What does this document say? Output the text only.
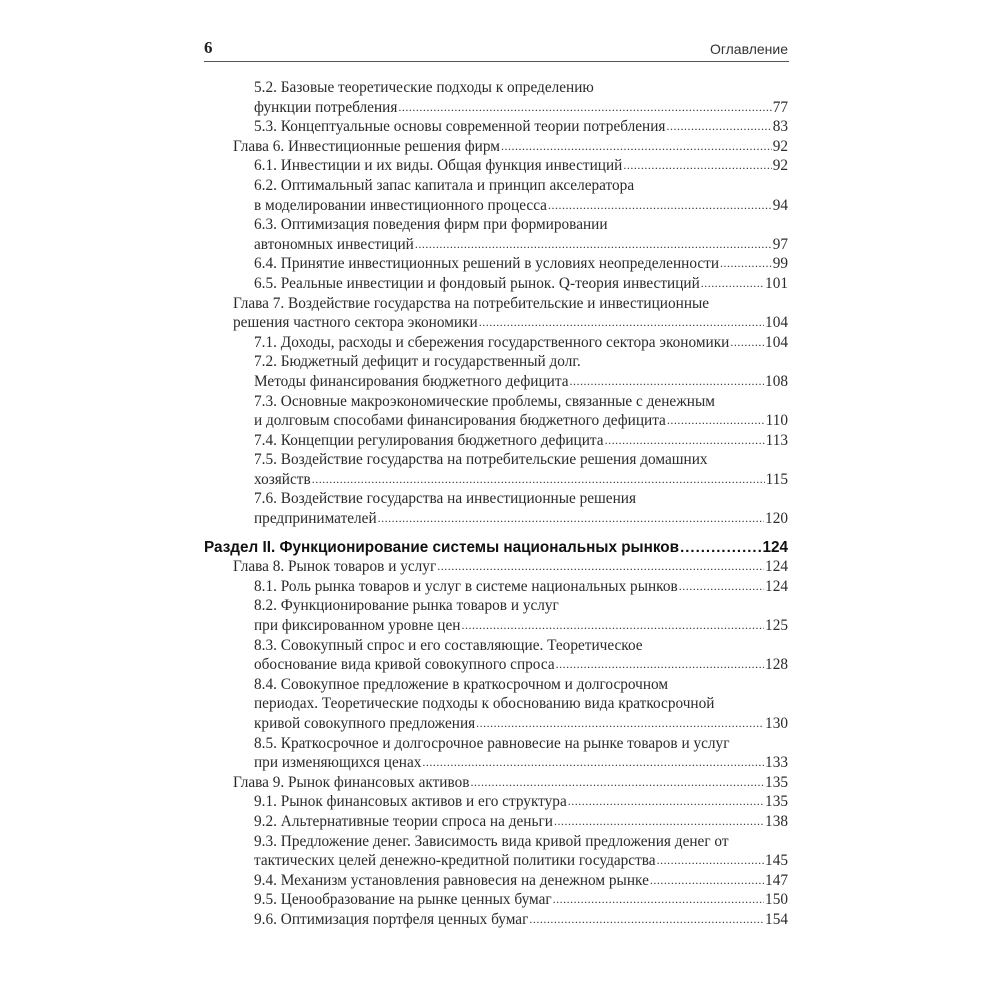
6	Оглавление
5.2. Базовые теоретические подходы к определению
функции потребления .....	77
5.3. Концептуальные основы современной теории потребления .....	83
Глава 6. Инвестиционные решения фирм .....	92
6.1. Инвестиции и их виды. Общая функция инвестиций .....	92
6.2. Оптимальный запас капитала и принцип акселератора
в моделировании инвестиционного процесса .....	94
6.3. Оптимизация поведения фирм при формировании
автономных инвестиций .....	97
6.4. Принятие инвестиционных решений в условиях неопределенности .....	99
6.5. Реальные инвестиции и фондовый рынок. Q-теория инвестиций .....	101
Глава 7. Воздействие государства на потребительские и инвестиционные
решения частного сектора экономики .....	104
7.1. Доходы, расходы и сбережения государственного сектора экономики ..... 104
7.2. Бюджетный дефицит и государственный долг.
Методы финансирования бюджетного дефицита .....	108
7.3. Основные макроэкономические проблемы, связанные с денежным
и долговым способами финансирования бюджетного дефицита .....	110
7.4. Концепции регулирования бюджетного дефицита .....	113
7.5. Воздействие государства на потребительские решения домашних
хозяйств .....	115
7.6. Воздействие государства на инвестиционные решения
предпринимателей .....	120
Раздел II. Функционирование системы национальных рынков .....	124
Глава 8. Рынок товаров и услуг .....	124
8.1. Роль рынка товаров и услуг в системе национальных рынков .....	124
8.2. Функционирование рынка товаров и услуг
при фиксированном уровне цен .....	125
8.3. Совокупный спрос и его составляющие. Теоретическое
обоснование вида кривой совокупного спроса .....	128
8.4. Совокупное предложение в краткосрочном и долгосрочном
периодах. Теоретические подходы к обоснованию вида краткосрочной
кривой совокупного предложения .....	130
8.5. Краткосрочное и долгосрочное равновесие на рынке товаров и услуг
при изменяющихся ценах .....	133
Глава 9. Рынок финансовых активов .....	135
9.1. Рынок финансовых активов и его структура .....	135
9.2. Альтернативные теории спроса на деньги .....	138
9.3. Предложение денег. Зависимость вида кривой предложения денег от
тактических целей денежно-кредитной политики государства .....	145
9.4. Механизм установления равновесия на денежном рынке .....	147
9.5. Ценообразование на рынке ценных бумаг .....	150
9.6. Оптимизация портфеля ценных бумаг .....	154
